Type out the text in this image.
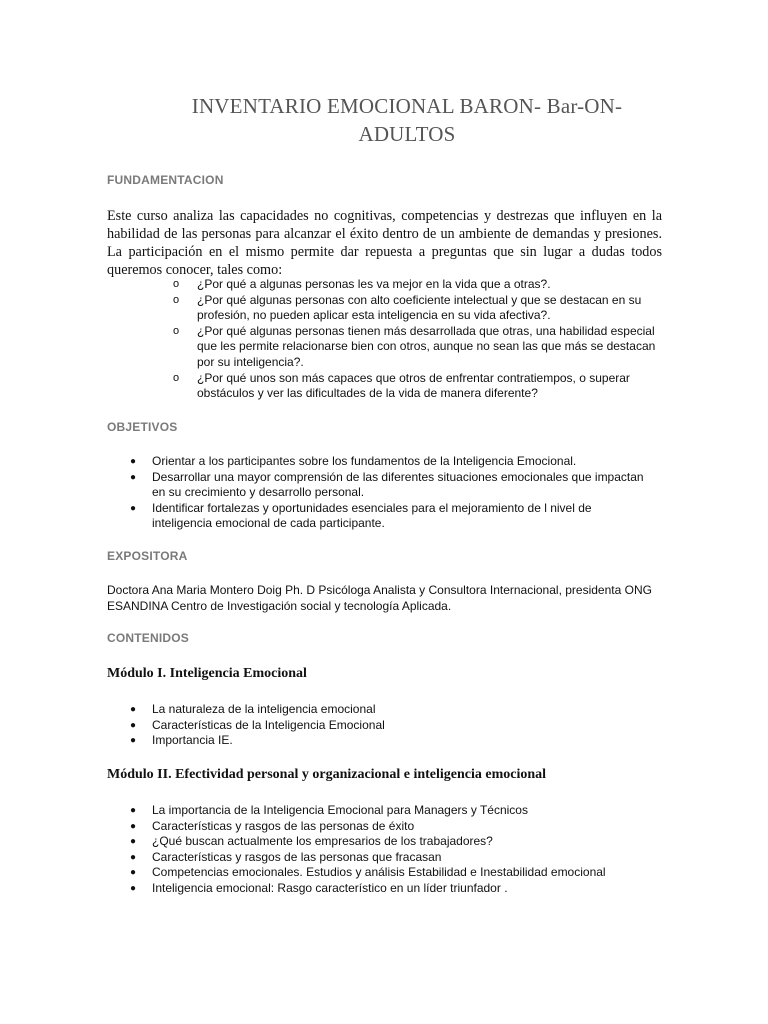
INVENTARIO EMOCIONAL BARON- Bar-ON-
ADULTOS
FUNDAMENTACION
Este curso analiza las capacidades no cognitivas, competencias y destrezas que influyen en la habilidad de las personas para alcanzar el éxito dentro de un ambiente de demandas y presiones. La participación en el mismo permite dar repuesta a preguntas que sin lugar a dudas todos queremos conocer, tales como:
o ¿Por qué a algunas personas les va mejor en la vida que a otras?.
o ¿Por qué algunas personas con alto coeficiente intelectual y que se destacan en su profesión, no pueden aplicar esta inteligencia en su vida afectiva?.
o ¿Por qué algunas personas tienen más desarrollada que otras, una habilidad especial que les permite relacionarse bien con otros, aunque no sean las que más se destacan por su inteligencia?.
o ¿Por qué unos son más capaces que otros de enfrentar contratiempos, o superar obstáculos y ver las dificultades de la vida de manera diferente?
OBJETIVOS
● Orientar a los participantes sobre los fundamentos de la Inteligencia Emocional.
● Desarrollar una mayor comprensión de las diferentes situaciones emocionales que impactan en su crecimiento y desarrollo personal.
● Identificar fortalezas y oportunidades esenciales para el mejoramiento de l nivel de inteligencia emocional de cada participante.
EXPOSITORA
Doctora Ana Maria Montero Doig Ph. D Psicóloga Analista y Consultora Internacional, presidenta ONG ESANDINA Centro de Investigación social y tecnología Aplicada.
CONTENIDOS
Módulo I. Inteligencia Emocional
● La naturaleza de la inteligencia emocional
● Características de la Inteligencia Emocional
● Importancia IE.
Módulo II. Efectividad personal y organizacional e inteligencia emocional
● La importancia de la Inteligencia Emocional para Managers y Técnicos
● Características y rasgos de las personas de éxito
● ¿Qué buscan actualmente los empresarios de los trabajadores?
● Características y rasgos de las personas que fracasan
● Competencias emocionales. Estudios y análisis Estabilidad e Inestabilidad emocional
● Inteligencia emocional: Rasgo característico en un líder triunfador .
